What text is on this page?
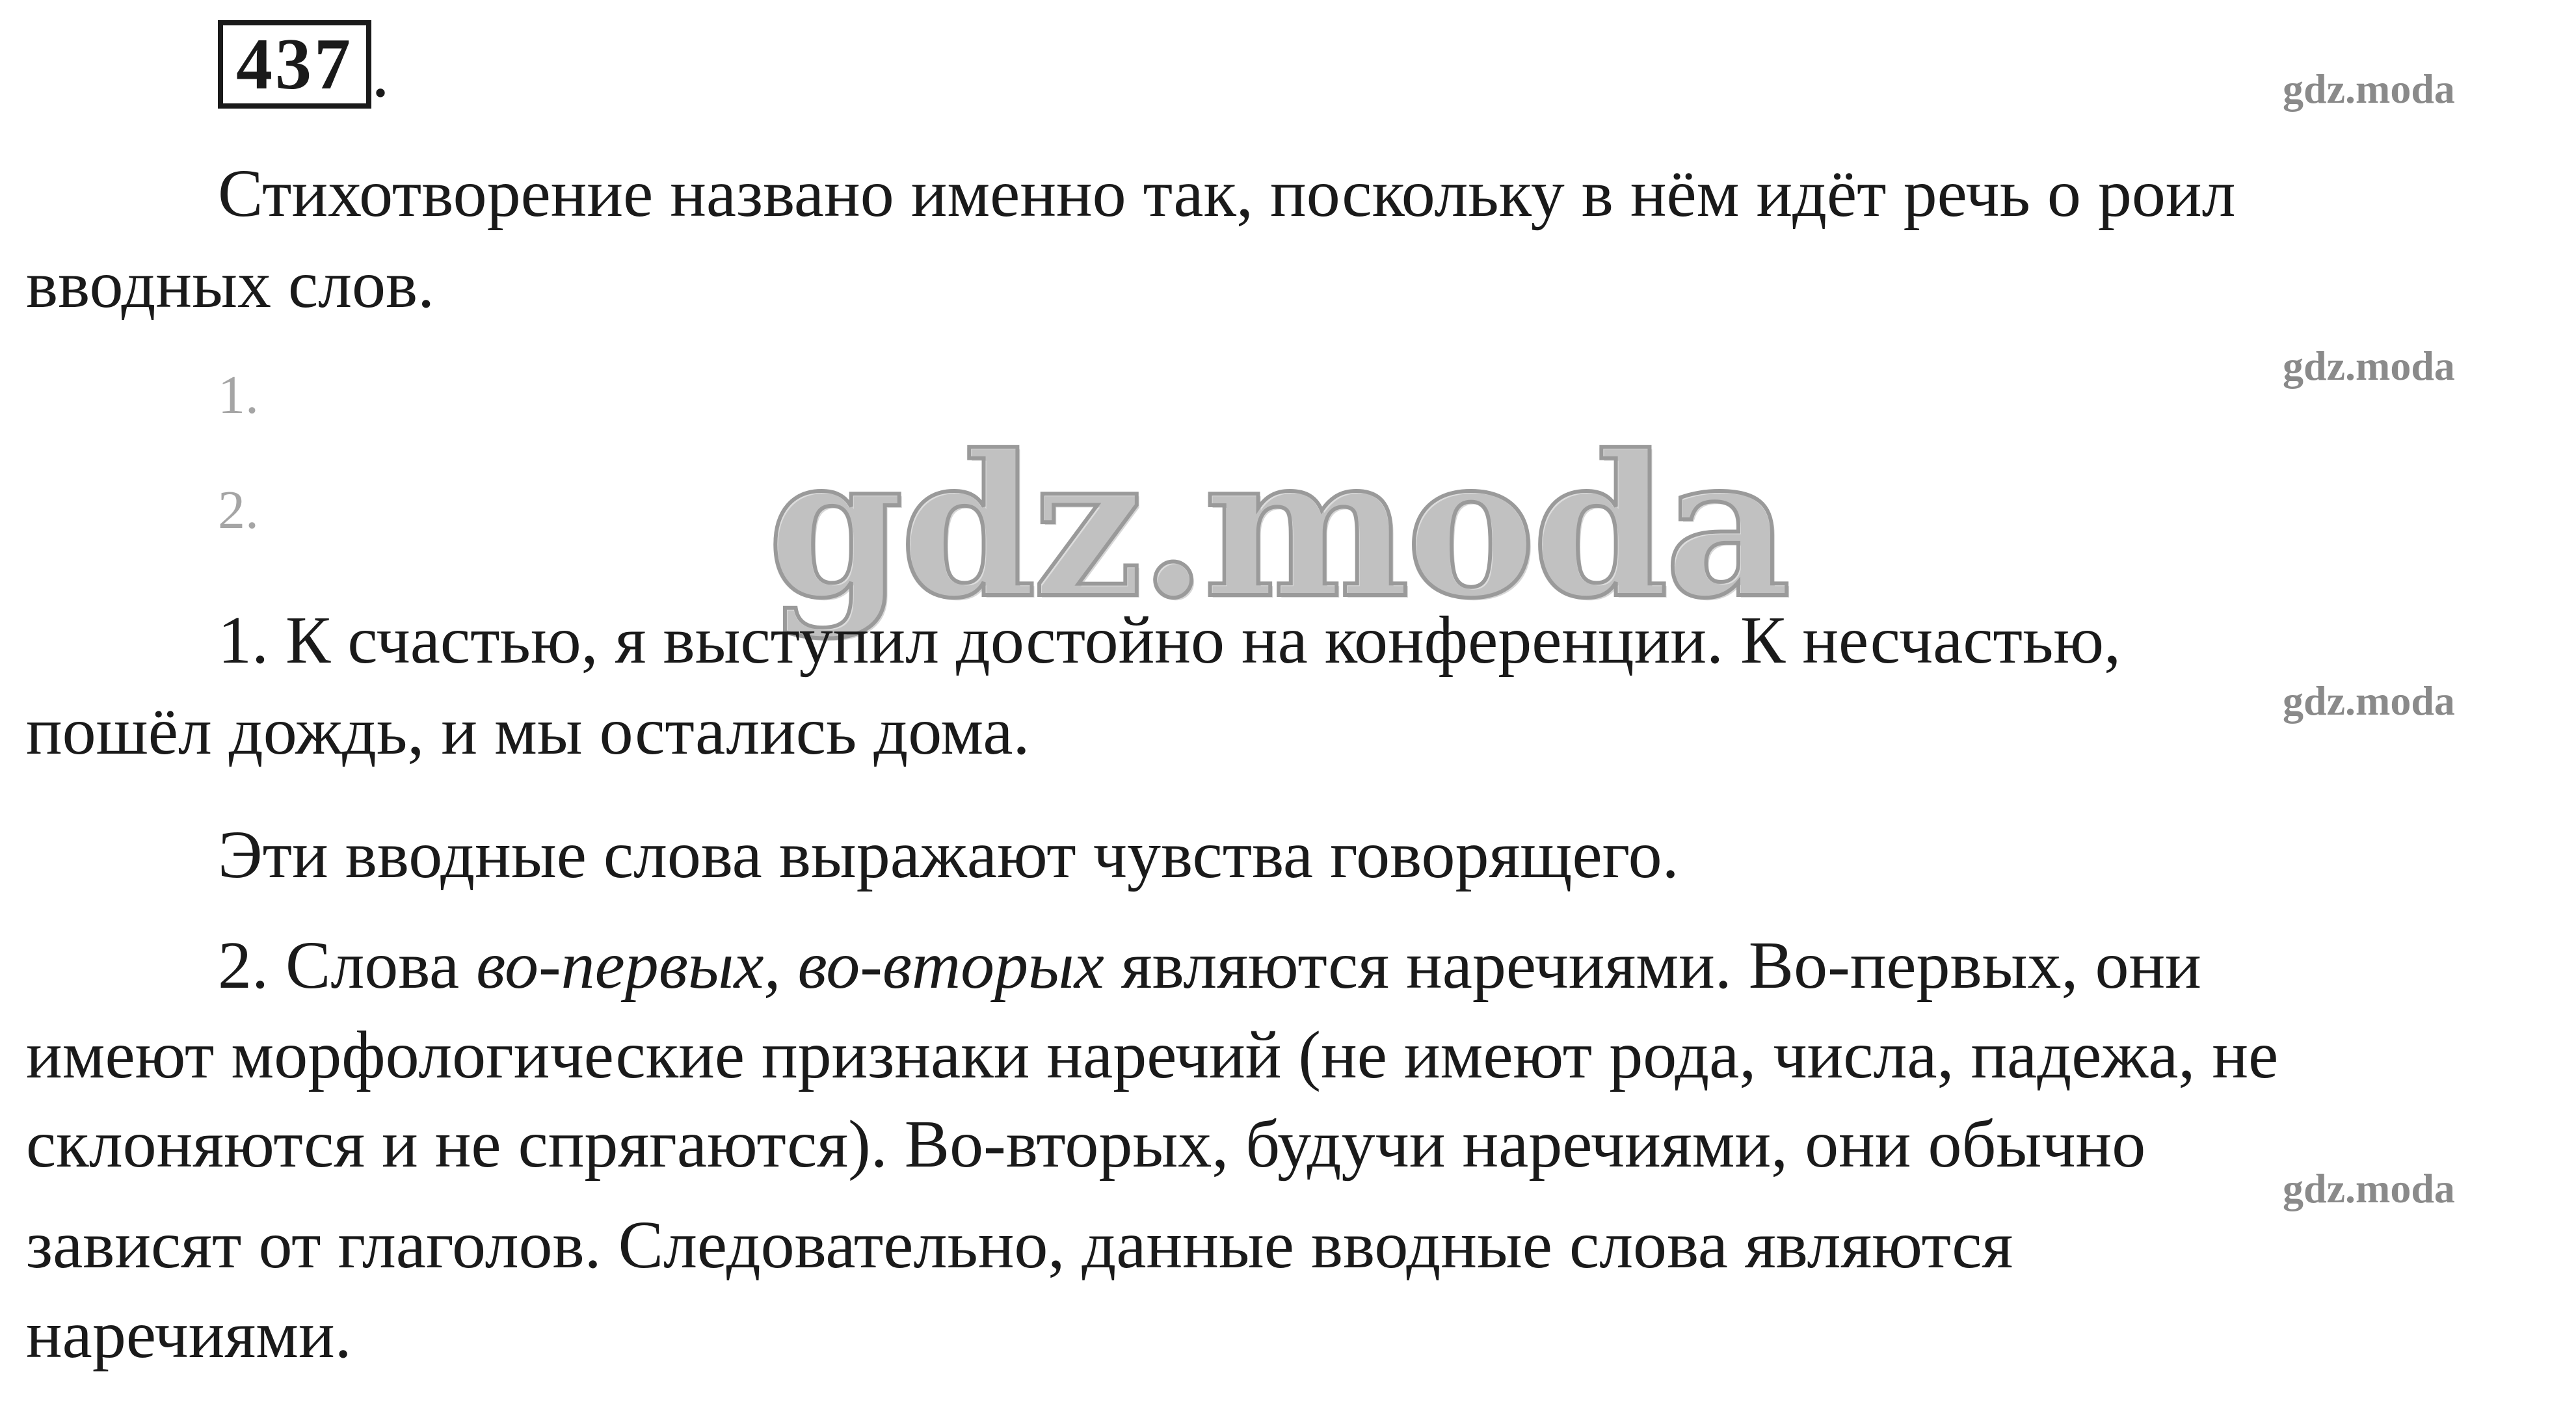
437 .	gdz.moda
gdz.moda
gdz.moda
gdz.moda
Стихотворение названо именно так, поскольку в нём идёт речь о роил
вводных слов.
1.
2.	gdz.moda
1. К счастью, я выступил достойно на конференции. К несчастью,
пошёл дождь, и мы остались дома.
Эти вводные слова выражают чувства говорящего.
2. Слова во-первых, во-вторых являются наречиями. Во-первых, они
имеют морфологические признаки наречий (не имеют рода, числа, падежа, не
склоняются и не спрягаются). Во-вторых, будучи наречиями, они обычно
зависят от глаголов. Следовательно, данные вводные слова являются
наречиями.
